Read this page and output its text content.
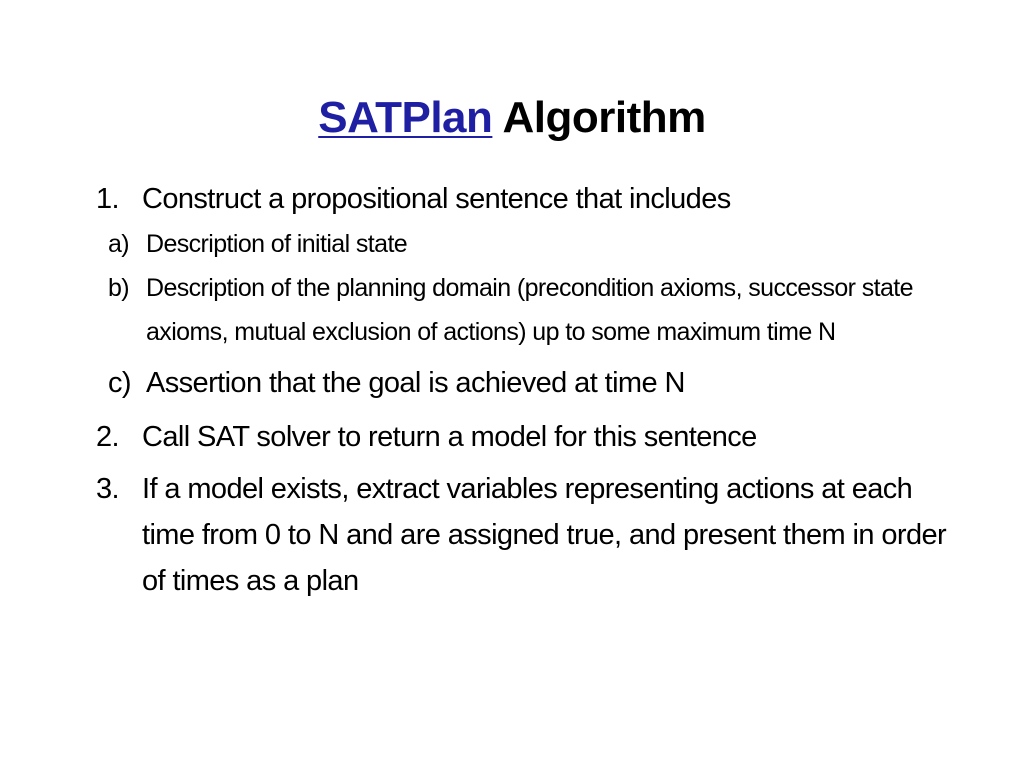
SATPlan Algorithm
1. Construct a propositional sentence that includes
a) Description of initial state
b) Description of the planning domain (precondition axioms, successor state axioms, mutual exclusion of actions) up to some maximum time N
c) Assertion that the goal is achieved at time N
2. Call SAT solver to return a model for this sentence
3. If a model exists, extract variables representing actions at each time from 0 to N and are assigned true, and present them in order of times as a plan
